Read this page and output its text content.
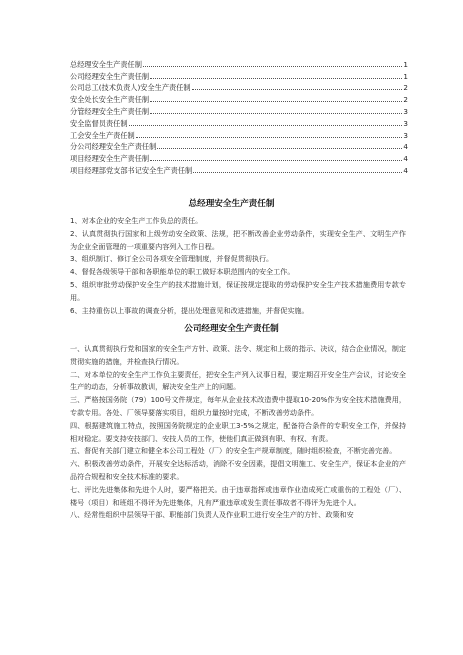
总经理安全生产责任制	1
公司经理安全生产责任制	1
公司总工(技术负责人)安全生产责任制	2
安全处长安全生产责任制	2
分管经理安全生产责任制	3
安全监督员责任制	3
工会安全生产责任制	3
分公司经理安全生产责任制	4
项目经理安全生产责任制	4
项目经理部党支部书记安全生产责任制	4
总经理安全生产责任制

1、对本企业的安全生产工作负总的责任。

2、认真贯彻执行国家和上级劳动安全政策、法规，把不断改善企业劳动条件，实现安全生产、文明生产作为企业全面管理的一项重要内容列入工作日程。

3、组织制订、修订全公司各项安全管理制度，并督促贯彻执行。

4、督促各级领导干部和各职能单位的职工做好本职范围内的安全工作。

5、组织审批劳动保护安全生产的技术措施计划，保证按规定提取的劳动保护安全生产技术措施费用专款专用。

6、主持重伤以上事故的调查分析，提出处理意见和改进措施，并督促实施。

公司经理安全生产责任制

一、认真贯彻执行党和国家的安全生产方针、政策、法令、规定和上级的指示、决议，结合企业情况，制定贯彻实施的措施，并检查执行情况。

二、对本单位的安全生产工作负主要责任，把安全生产列入议事日程，要定期召开安全生产会议，讨论安全生产的动态，分析事故教训，解决安全生产上的问题。

三、严格按国务院（79）100号文件规定，每年从企业技术改造费中提取10-20%作为安全技术措施费用，专款专用。各处、厂领导要落实项目，组织力量按时完成，不断改善劳动条件。

四、根据建筑施工特点，按照国务院规定的企业职工3-5%之规定，配备符合条件的专职安全工作，并保持相对稳定。要支持安技部门、安技人员的工作，使他们真正做到有职、有权、有责。

五、督促有关部门建立和健全本公司工程处（厂）的安全生产规章制度，随时组织检查，不断完善完善。

六、积极改善劳动条件，开展安全达标活动，消除不安全因素，提倡文明施工、安全生产，保证本企业的产品符合规程和安全技术标准的要求。

七、评比先进集体和先进个人时，要严格把关。由于违章指挥或违章作业造成死亡或重伤的工程处（厂）、楼号（项目）和班组不得评为先进集体，凡有严重违章或发生责任事故者不得评为先进个人。

八、经常性组织中层领导干部、职能部门负责人及作业职工进行安全生产的方针、政策和安
